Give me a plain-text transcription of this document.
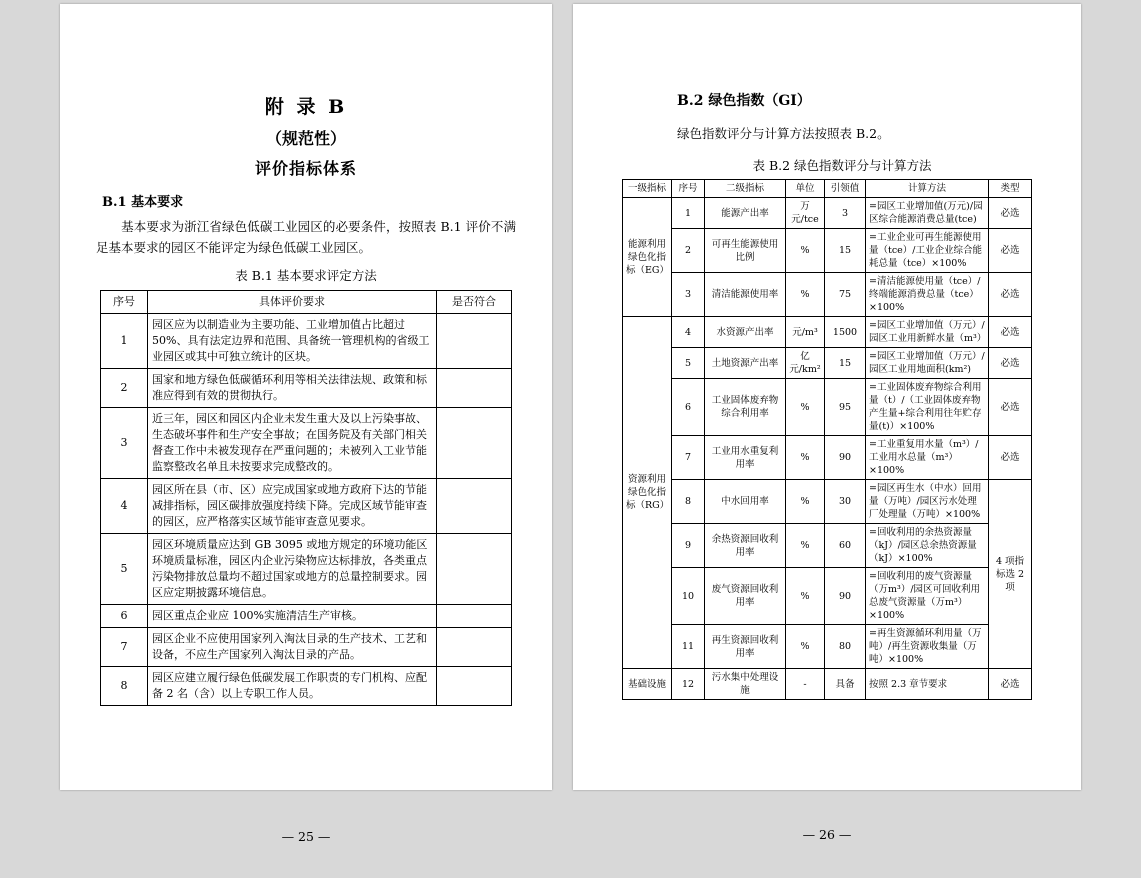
附 录 B
（规范性）
评价指标体系
B.1 基本要求
基本要求为浙江省绿色低碳工业园区的必要条件，按照表 B.1 评价不满足基本要求的园区不能评定为绿色低碳工业园区。
表 B.1 基本要求评定方法
序号	具体评价要求	是否符合
1	园区应为以制造业为主要功能、工业增加值占比超过 50%、具有法定边界和范围、具备统一管理机构的省级工业园区或其中可独立统计的区块。	
2	国家和地方绿色低碳循环利用等相关法律法规、政策和标准应得到有效的贯彻执行。	
3	近三年，园区和园区内企业未发生重大及以上污染事故、生态破坏事件和生产安全事故；在国务院及有关部门相关督查工作中未被发现存在严重问题的；未被列入工业节能监察整改名单且未按要求完成整改的。	
4	园区所在县（市、区）应完成国家或地方政府下达的节能减排指标，园区碳排放强度持续下降。完成区域节能审查的园区，应严格落实区域节能审查意见要求。	
5	园区环境质量应达到 GB 3095 或地方规定的环境功能区环境质量标准，园区内企业污染物应达标排放，各类重点污染物排放总量均不超过国家或地方的总量控制要求。园区应定期披露环境信息。	
6	园区重点企业应 100%实施清洁生产审核。	
7	园区企业不应使用国家列入淘汰目录的生产技术、工艺和设备，不应生产国家列入淘汰目录的产品。	
8	园区应建立履行绿色低碳发展工作职责的专门机构、应配备 2 名（含）以上专职工作人员。	
— 25 —
B.2 绿色指数（GI）
绿色指数评分与计算方法按照表 B.2。
表 B.2 绿色指数评分与计算方法
一级指标	序号	二级指标	单位	引领值	计算方法	类型
能源利用绿色化指标（EG）	1	能源产出率	万元/tce	3	=园区工业增加值(万元)/园区综合能源消费总量(tce)	必选
	2	可再生能源使用比例	%	15	=工业企业可再生能源使用量（tce）/工业企业综合能耗总量（tce）×100%	必选
	3	清洁能源使用率	%	75	=清洁能源使用量（tce）/终端能源消费总量（tce）×100%	必选
资源利用绿色化指标（RG）	4	水资源产出率	元/m³	1500	=园区工业增加值（万元）/园区工业用新鲜水量（m³）	必选
	5	土地资源产出率	亿元/km²	15	=园区工业增加值（万元）/园区工业用地面积(km²)	必选
	6	工业固体废弃物综合利用率	%	95	=工业固体废弃物综合利用量（t）/（工业固体废弃物产生量+综合利用往年贮存量(t)）×100%	必选
	7	工业用水重复利用率	%	90	=工业重复用水量（m³）/工业用水总量（m³）×100%	必选
	8	中水回用率	%	30	=园区再生水（中水）回用量（万吨）/园区污水处理厂处理量（万吨）×100%	4 项指标选 2 项
	9	余热资源回收利用率	%	60	=回收利用的余热资源量（kJ）/园区总余热资源量（kJ）×100%	
	10	废气资源回收利用率	%	90	=回收利用的废气资源量（万m³）/园区可回收利用总废气资源量（万m³）×100%	
	11	再生资源回收利用率	%	80	=再生资源循环利用量（万吨）/再生资源收集量（万吨）×100%	
基础设施	12	污水集中处理设施	-	具备	按照 2.3 章节要求	必选
— 26 —
